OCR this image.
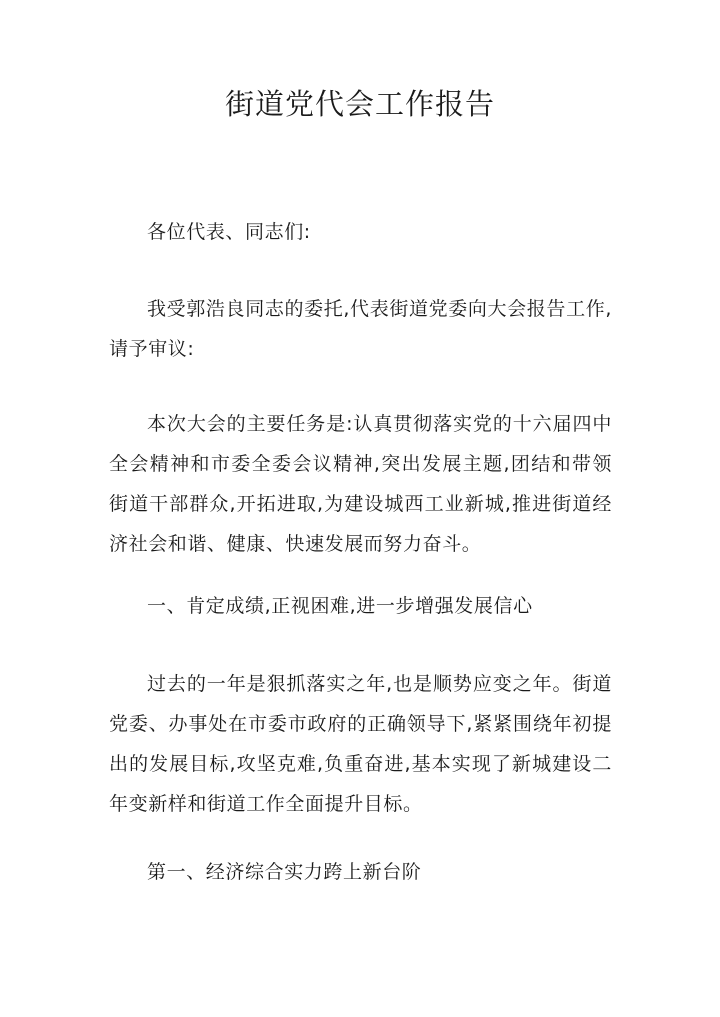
街道党代会工作报告

各位代表、同志们:

我受郭浩良同志的委托,代表街道党委向大会报告工作,请予审议:

本次大会的主要任务是:认真贯彻落实党的十六届四中全会精神和市委全委会议精神,突出发展主题,团结和带领街道干部群众,开拓进取,为建设城西工业新城,推进街道经济社会和谐、健康、快速发展而努力奋斗。

一、肯定成绩,正视困难,进一步增强发展信心

过去的一年是狠抓落实之年,也是顺势应变之年。街道党委、办事处在市委市政府的正确领导下,紧紧围绕年初提出的发展目标,攻坚克难,负重奋进,基本实现了新城建设二年变新样和街道工作全面提升目标。

第一、经济综合实力跨上新台阶
